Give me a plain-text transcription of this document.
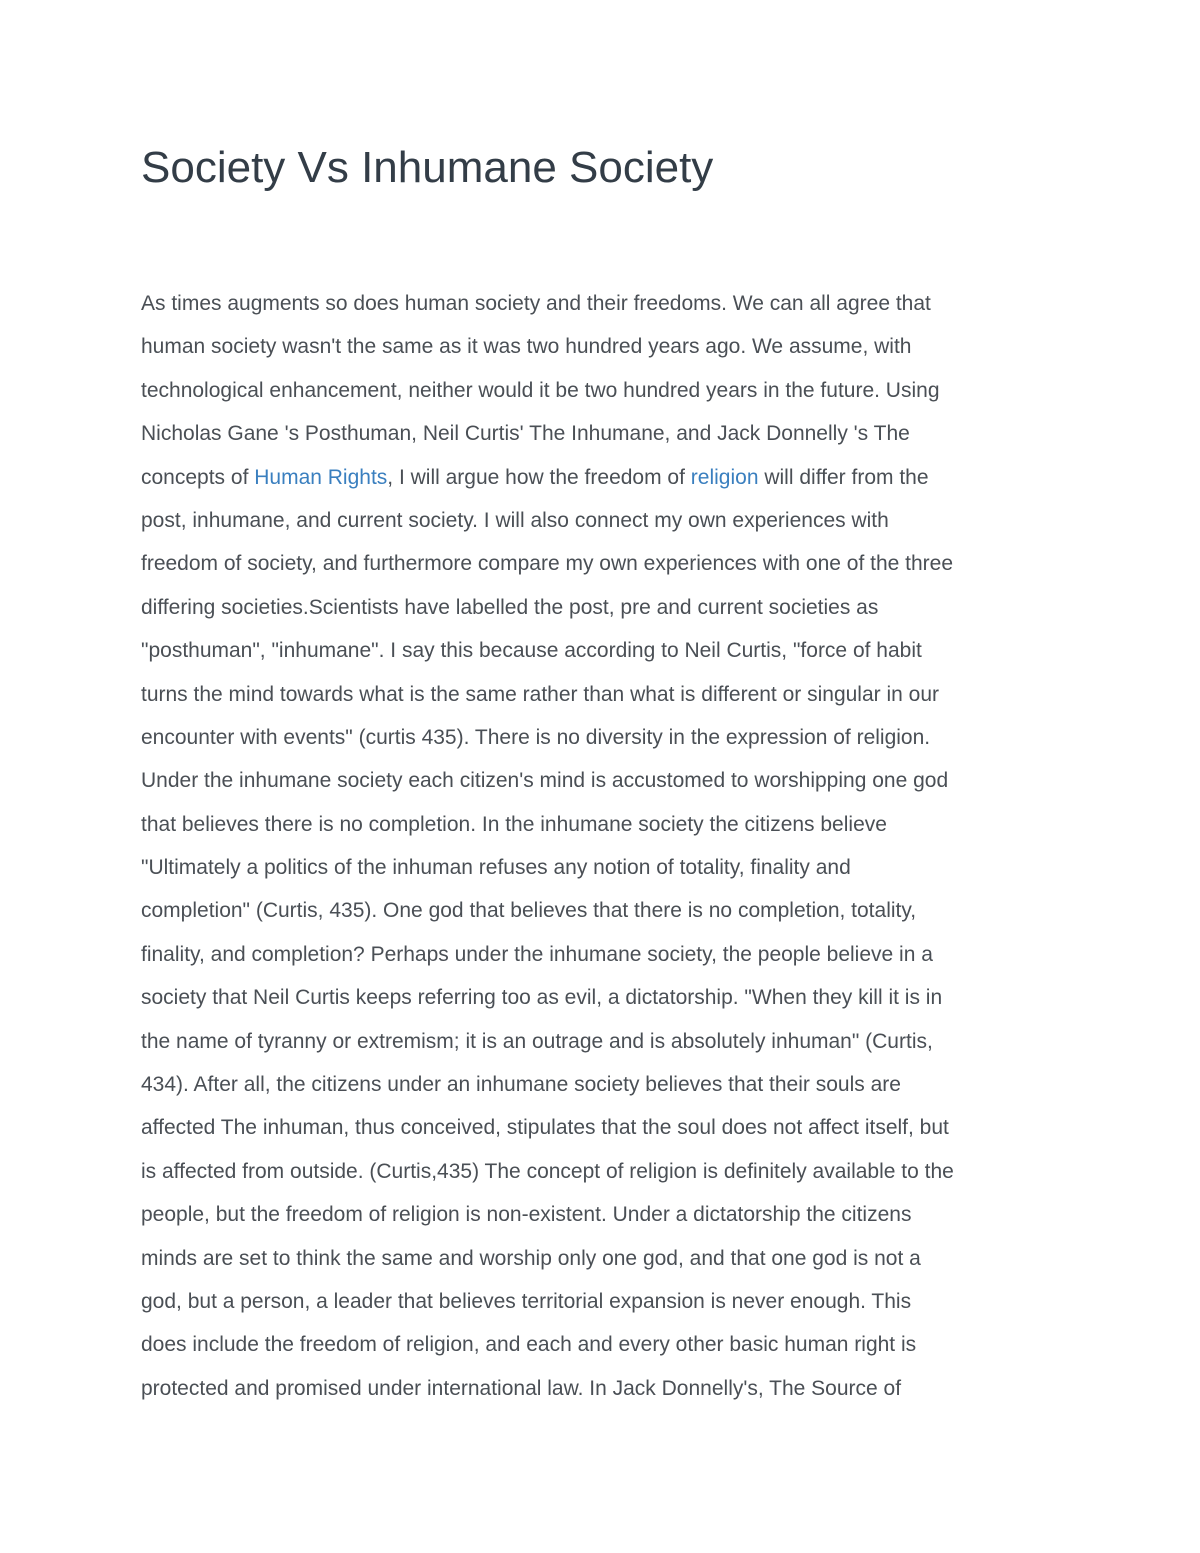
Society Vs Inhumane Society
As times augments so does human society and their freedoms. We can all agree that
human society wasn't the same as it was two hundred years ago. We assume, with
technological enhancement, neither would it be two hundred years in the future. Using
Nicholas Gane 's Posthuman, Neil Curtis' The Inhumane, and Jack Donnelly 's The
concepts of Human Rights, I will argue how the freedom of religion will differ from the
post, inhumane, and current society. I will also connect my own experiences with
freedom of society, and furthermore compare my own experiences with one of the three
differing societies.Scientists have labelled the post, pre and current societies as
"posthuman", "inhumane". I say this because according to Neil Curtis, "force of habit
turns the mind towards what is the same rather than what is different or singular in our
encounter with events" (curtis 435). There is no diversity in the expression of religion.
Under the inhumane society each citizen's mind is accustomed to worshipping one god
that believes there is no completion. In the inhumane society the citizens believe
"Ultimately a politics of the inhuman refuses any notion of totality, finality and
completion" (Curtis, 435). One god that believes that there is no completion, totality,
finality, and completion? Perhaps under the inhumane society, the people believe in a
society that Neil Curtis keeps referring too as evil, a dictatorship. "When they kill it is in
the name of tyranny or extremism; it is an outrage and is absolutely inhuman" (Curtis,
434). After all, the citizens under an inhumane society believes that their souls are
affected The inhuman, thus conceived, stipulates that the soul does not affect itself, but
is affected from outside. (Curtis,435) The concept of religion is definitely available to the
people, but the freedom of religion is non-existent. Under a dictatorship the citizens
minds are set to think the same and worship only one god, and that one god is not a
god, but a person, a leader that believes territorial expansion is never enough. This
does include the freedom of religion, and each and every other basic human right is
protected and promised under international law. In Jack Donnelly's, The Source of
